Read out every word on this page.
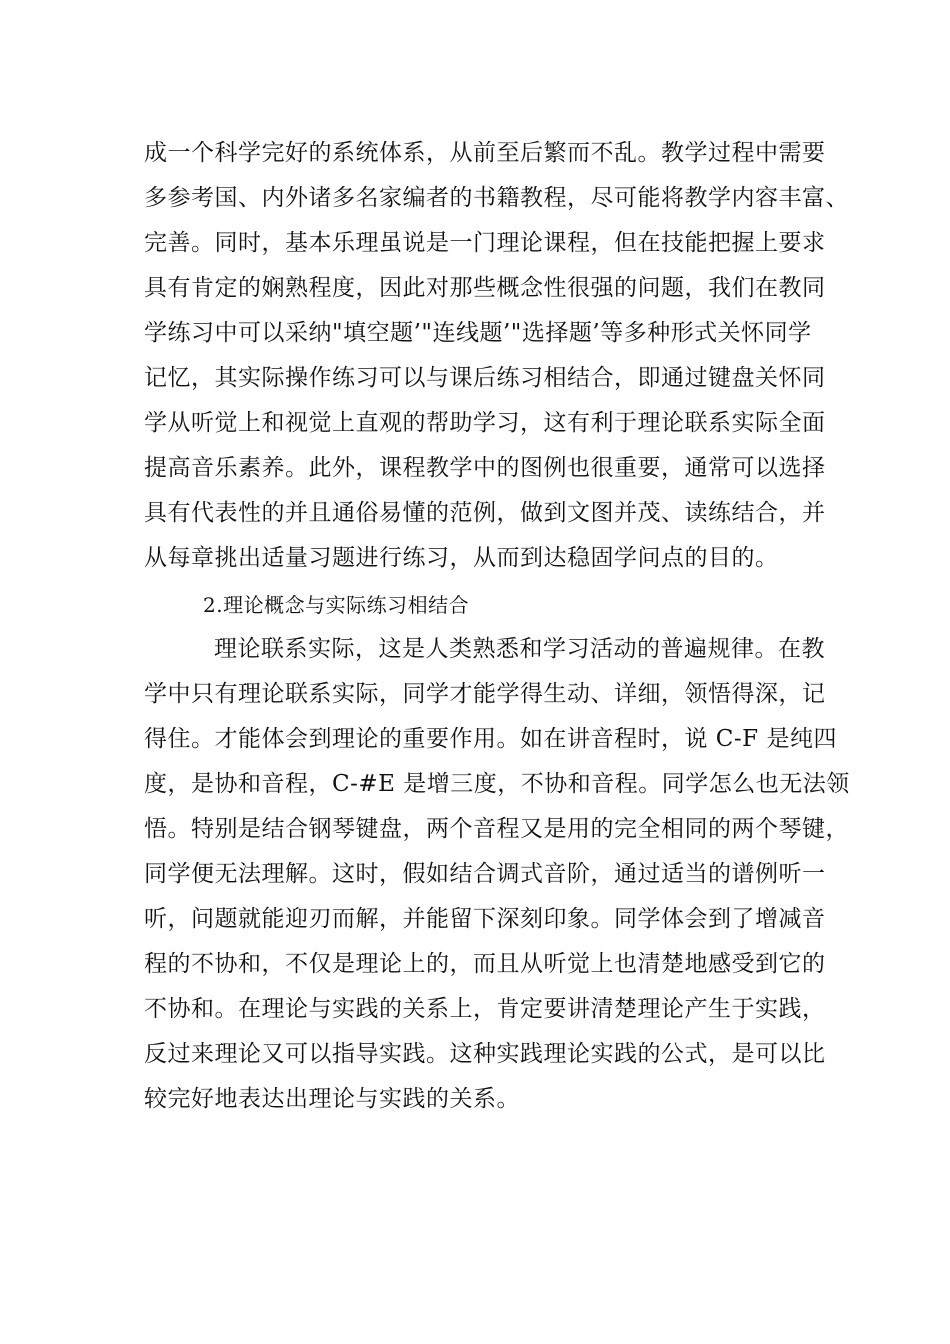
成一个科学完好的系统体系，从前至后繁而不乱。教学过程中需要
多参考国、内外诸多名家编者的书籍教程，尽可能将教学内容丰富、
完善。同时，基本乐理虽说是一门理论课程，但在技能把握上要求
具有肯定的娴熟程度，因此对那些概念性很强的问题，我们在教同
学练习中可以采纳"填空题’"连线题’"选择题’等多种形式关怀同学
记忆，其实际操作练习可以与课后练习相结合，即通过键盘关怀同
学从听觉上和视觉上直观的帮助学习，这有利于理论联系实际全面
提高音乐素养。此外，课程教学中的图例也很重要，通常可以选择
具有代表性的并且通俗易懂的范例，做到文图并茂、读练结合，并
从每章挑出适量习题进行练习，从而到达稳固学问点的目的。
2.理论概念与实际练习相结合
理论联系实际，这是人类熟悉和学习活动的普遍规律。在教
学中只有理论联系实际，同学才能学得生动、详细，领悟得深，记
得住。才能体会到理论的重要作用。如在讲音程时，说 C-F 是纯四
度，是协和音程，C-#E 是增三度，不协和音程。同学怎么也无法领
悟。特别是结合钢琴键盘，两个音程又是用的完全相同的两个琴键，
同学便无法理解。这时，假如结合调式音阶，通过适当的谱例听一
听，问题就能迎刃而解，并能留下深刻印象。同学体会到了增减音
程的不协和，不仅是理论上的，而且从听觉上也清楚地感受到它的
不协和。在理论与实践的关系上，肯定要讲清楚理论产生于实践，
反过来理论又可以指导实践。这种实践理论实践的公式，是可以比
较完好地表达出理论与实践的关系。
